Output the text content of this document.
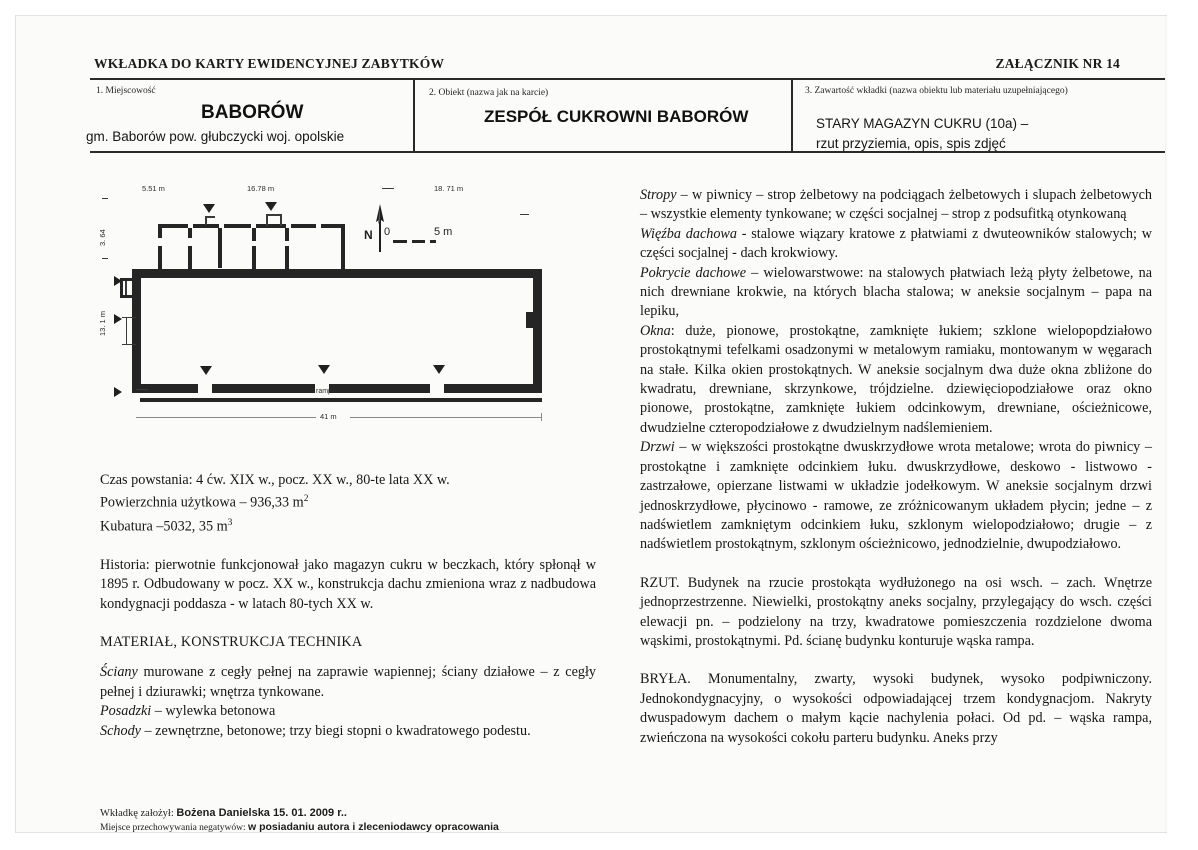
WKŁADKA DO KARTY EWIDENCYJNEJ ZABYTKÓW	ZAŁĄCZNIK NR 14
1. Miejscowość
BABORÓW
gm. Baborów pow. głubczycki woj. opolskie
2. Obiekt (nazwa jak na karcie)
ZESPÓŁ CUKROWNI BABORÓW
3. Zawartość wkładki (nazwa obiektu lub materiału uzupełniającego)
STARY MAGAZYN CUKRU (10a) –
rzut przyziemia, opis, spis zdjęć
5.51 m	16.78 m	18. 71 m
3. 64
13. 1 m
rampa
41 m
N 0	5 m
Czas powstania: 4 ćw. XIX w., pocz. XX w., 80-te lata XX w.
Powierzchnia użytkowa – 936,33 $m^2$
Kubatura –5032, 35 $m^3$
Historia: pierwotnie funkcjonował jako magazyn cukru w beczkach, który spłonął w 1895 r. Odbudowany w pocz. XX w., konstrukcja dachu zmieniona wraz z nadbudowa kondygnacji poddasza - w latach 80-tych XX w.
MATERIAŁ, KONSTRUKCJA TECHNIKA
Ściany murowane z cegły pełnej na zaprawie wapiennej; ściany działowe – z cegły pełnej i dziurawki; wnętrza tynkowane.
Posadzki – wylewka betonowa
Schody – zewnętrzne, betonowe; trzy biegi stopni o kwadratowego podestu.
Stropy – w piwnicy – strop żelbetowy na podciągach żelbetowych i slupach żelbetowych – wszystkie elementy tynkowane; w części socjalnej – strop z podsufitką otynkowaną
Więźba dachowa - stalowe wiązary kratowe z płatwiami z dwuteowników stalowych; w części socjalnej - dach krokwiowy.
Pokrycie dachowe – wielowarstwowe: na stalowych płatwiach leżą płyty żelbetowe, na nich drewniane krokwie, na których blacha stalowa; w aneksie socjalnym – papa na lepiku,
Okna: duże, pionowe, prostokątne, zamknięte łukiem; szklone wielopopdziałowo prostokątnymi tefelkami osadzonymi w metalowym ramiaku, montowanym w węgarach na stałe. Kilka okien prostokątnych. W aneksie socjalnym dwa duże okna zbliżone do kwadratu, drewniane, skrzynkowe, trójdzielne. dziewięciopodziałowe oraz okno pionowe, prostokątne, zamknięte łukiem odcinkowym, drewniane, ościeżnicowe, dwudzielne czteropodziałowe z dwudzielnym nadślemieniem.
Drzwi – w większości prostokątne dwuskrzydłowe wrota metalowe; wrota do piwnicy – prostokątne i zamknięte odcinkiem łuku. dwuskrzydłowe, deskowo - listwowo - zastrzałowe, opierzane listwami w układzie jodełkowym. W aneksie socjalnym drzwi jednoskrzydłowe, płycinowo - ramowe, ze zróżnicowanym układem płycin; jedne – z nadświetlem zamkniętym odcinkiem łuku, szklonym wielopodziałowo; drugie – z nadświetlem prostokątnym, szklonym ościeżnicowo, jednodzielnie, dwupodziałowo.
RZUT. Budynek na rzucie prostokąta wydłużonego na osi wsch. – zach. Wnętrze jednoprzestrzenne. Niewielki, prostokątny aneks socjalny, przylegający do wsch. części elewacji pn. – podzielony na trzy, kwadratowe pomieszczenia rozdzielone dwoma wąskimi, prostokątnymi. Pd. ścianę budynku konturuje wąska rampa.
BRYŁA. Monumentalny, zwarty, wysoki budynek, wysoko podpiwniczony. Jednokondygnacyjny, o wysokości odpowiadającej trzem kondygnacjom. Nakryty dwuspadowym dachem o małym kącie nachylenia połaci. Od pd. – wąska rampa, zwieńczona na wysokości cokołu parteru budynku. Aneks przy
Wkładkę założył: Bożena Danielska 15. 01. 2009 r..
Miejsce przechowywania negatywów: w posiadaniu autora i zleceniodawcy opracowania
